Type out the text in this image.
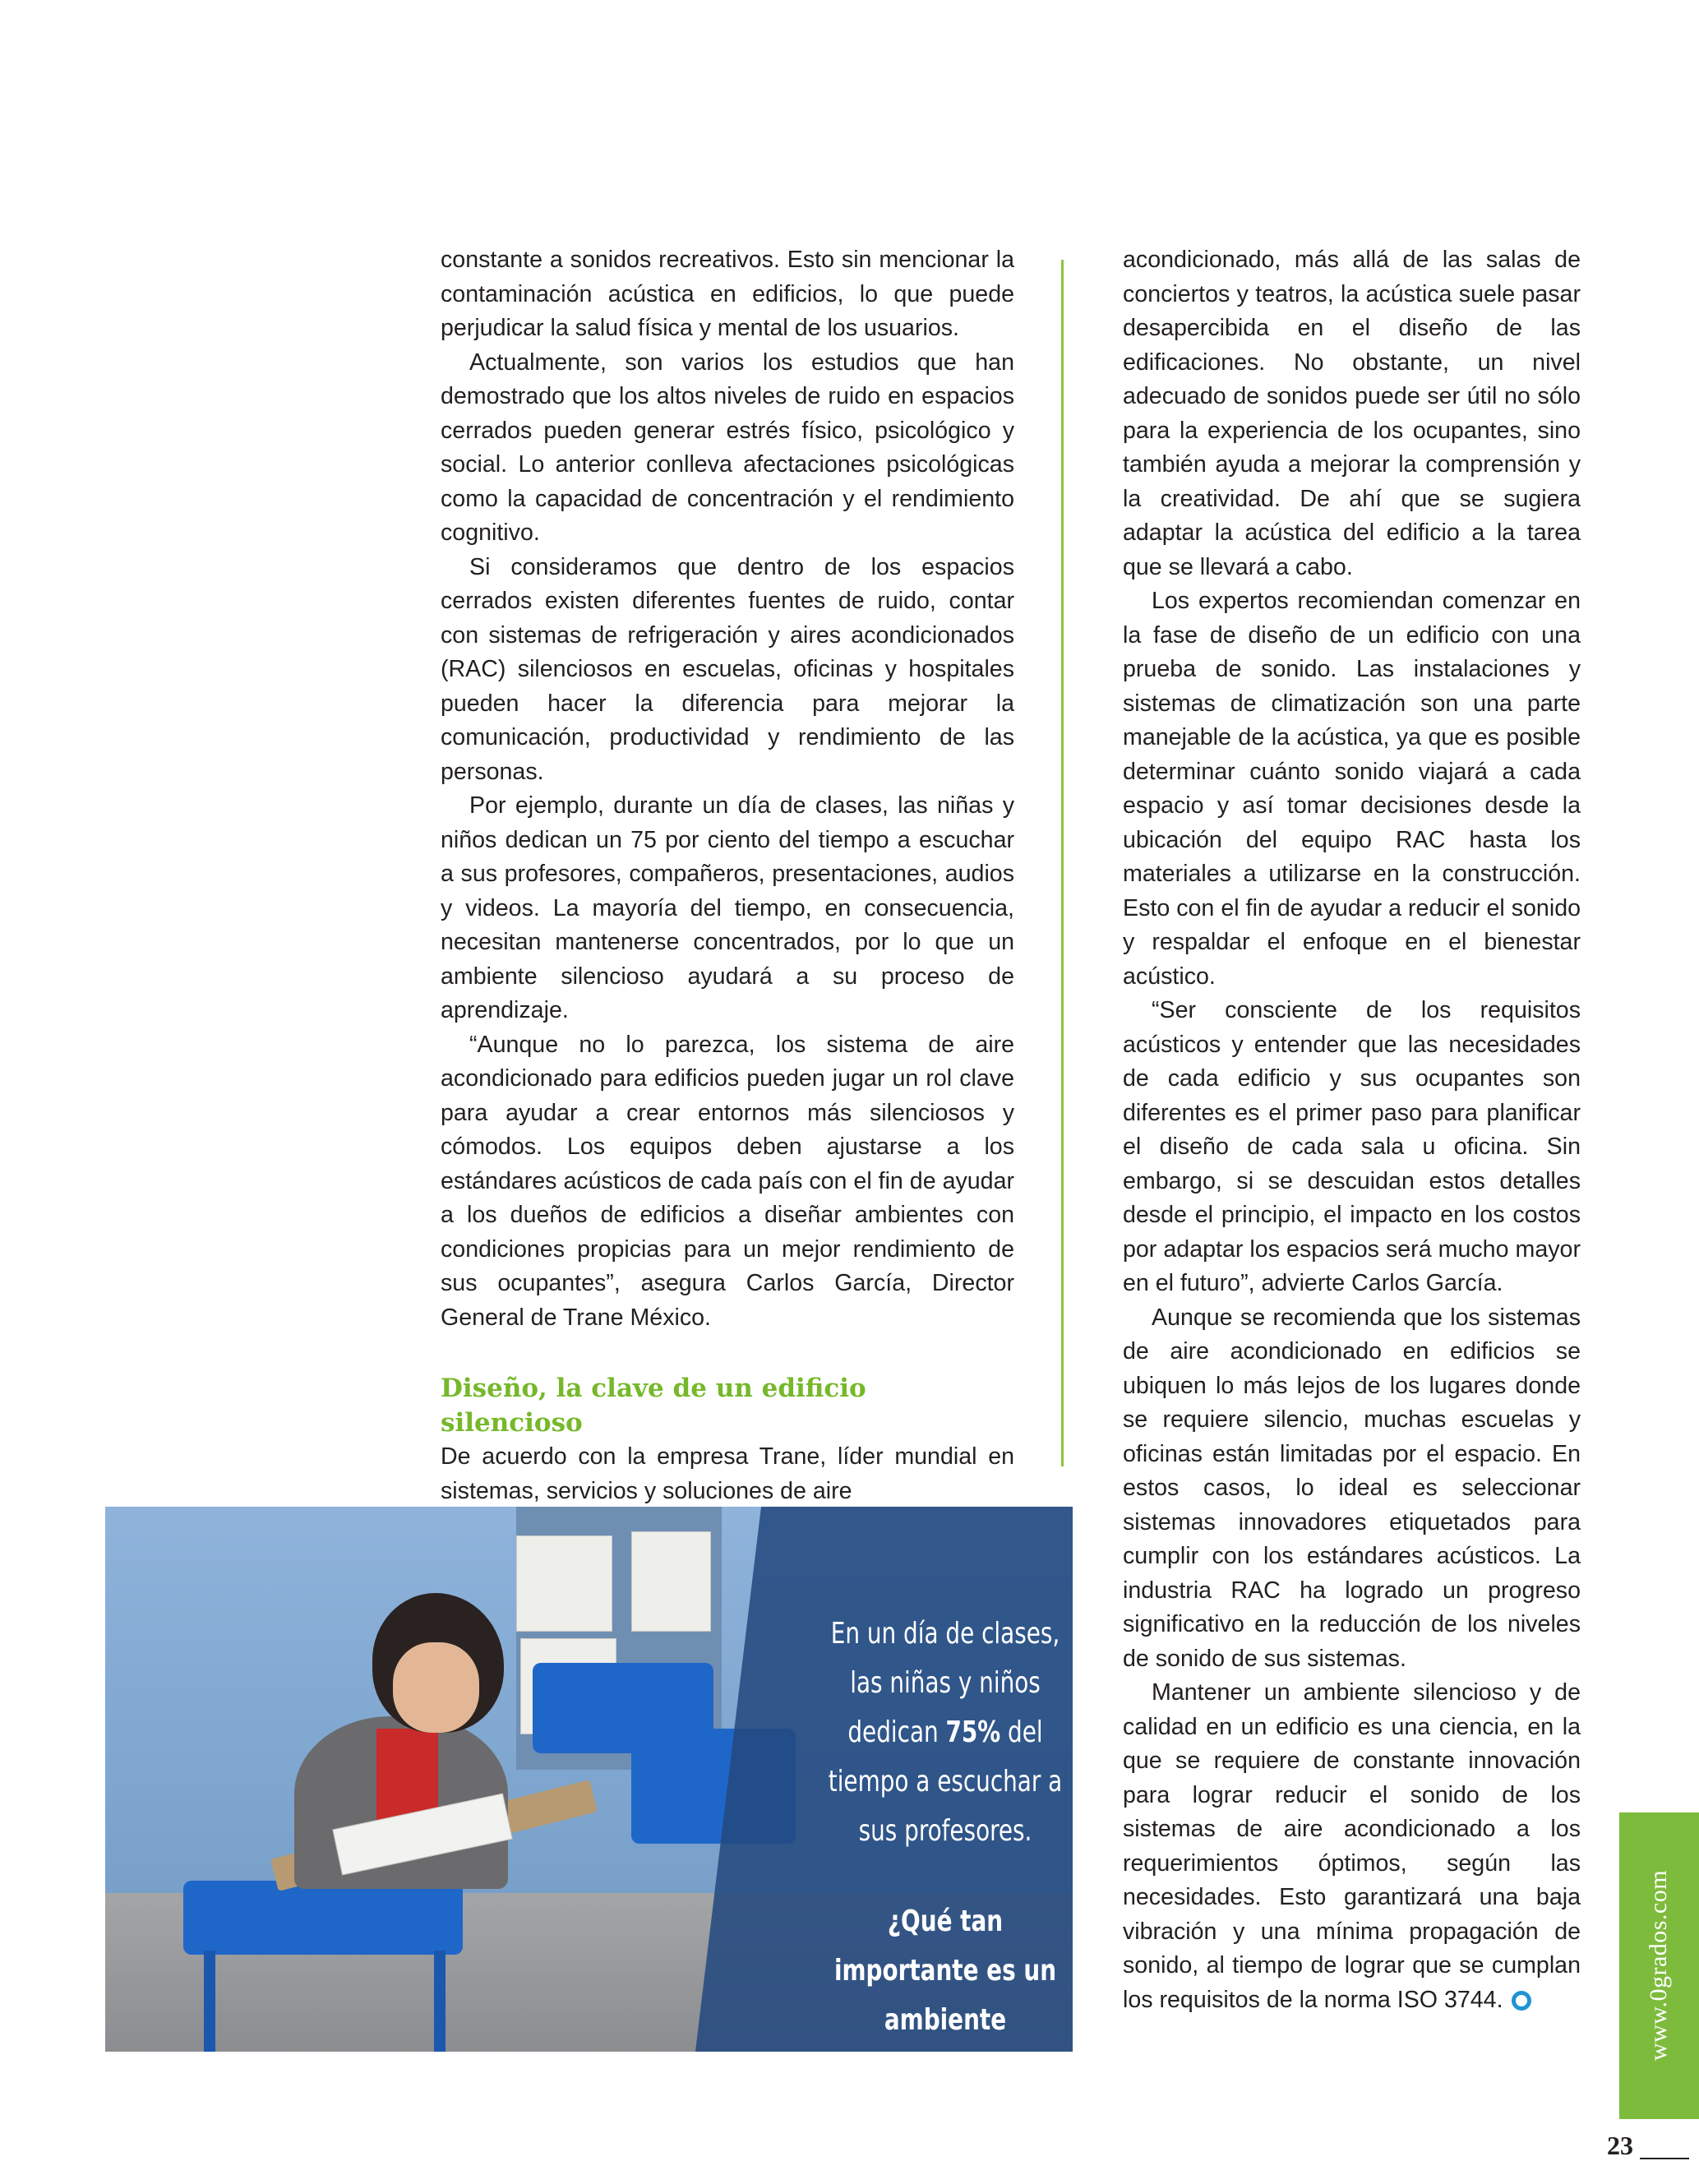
constante a sonidos recreativos. Esto sin mencionar la contaminación acústica en edificios, lo que puede perjudicar la salud física y mental de los usuarios.

Actualmente, son varios los estudios que han demostrado que los altos niveles de ruido en espacios cerrados pueden generar estrés físico, psicológico y social. Lo anterior conlleva afectaciones psicológicas como la capacidad de concentración y el rendimiento cognitivo.

Si consideramos que dentro de los espacios cerrados existen diferentes fuentes de ruido, contar con sistemas de refrigeración y aires acondicionados (RAC) silenciosos en escuelas, oficinas y hospitales pueden hacer la diferencia para mejorar la comunicación, productividad y rendimiento de las personas.

Por ejemplo, durante un día de clases, las niñas y niños dedican un 75 por ciento del tiempo a escuchar a sus profesores, compañeros, presentaciones, audios y videos. La mayoría del tiempo, en consecuencia, necesitan mantenerse concentrados, por lo que un ambiente silencioso ayudará a su proceso de aprendizaje.

“Aunque no lo parezca, los sistema de aire acondicionado para edificios pueden jugar un rol clave para ayudar a crear entornos más silenciosos y cómodos. Los equipos deben ajustarse a los estándares acústicos de cada país con el fin de ayudar a los dueños de edificios a diseñar ambientes con condiciones propicias para un mejor rendimiento de sus ocupantes”, asegura Carlos García, Director General de Trane México.

Diseño, la clave de un edificio silencioso

De acuerdo con la empresa Trane, líder mundial en sistemas, servicios y soluciones de aire

acondicionado, más allá de las salas de conciertos y teatros, la acústica suele pasar desapercibida en el diseño de las edificaciones. No obstante, un nivel adecuado de sonidos puede ser útil no sólo para la experiencia de los ocupantes, sino también ayuda a mejorar la comprensión y la creatividad. De ahí que se sugiera adaptar la acústica del edificio a la tarea que se llevará a cabo.

Los expertos recomiendan comenzar en la fase de diseño de un edificio con una prueba de sonido. Las instalaciones y sistemas de climatización son una parte manejable de la acústica, ya que es posible determinar cuánto sonido viajará a cada espacio y así tomar decisiones desde la ubicación del equipo RAC hasta los materiales a utilizarse en la construcción. Esto con el fin de ayudar a reducir el sonido y respaldar el enfoque en el bienestar acústico.

“Ser consciente de los requisitos acústicos y entender que las necesidades de cada edificio y sus ocupantes son diferentes es el primer paso para planificar el diseño de cada sala u oficina. Sin embargo, si se descuidan estos detalles desde el principio, el impacto en los costos por adaptar los espacios será mucho mayor en el futuro”, advierte Carlos García.

Aunque se recomienda que los sistemas de aire acondicionado en edificios se ubiquen lo más lejos de los lugares donde se requiere silencio, muchas escuelas y oficinas están limitadas por el espacio. En estos casos, lo ideal es seleccionar sistemas innovadores etiquetados para cumplir con los estándares acústicos. La industria RAC ha logrado un progreso significativo en la reducción de los niveles de sonido de sus sistemas.

Mantener un ambiente silencioso y de calidad en un edificio es una ciencia, en la que se requiere de constante innovación para lograr reducir el sonido de los sistemas de aire acondicionado a los requerimientos óptimos, según las necesidades. Esto garantizará una baja vibración y una mínima propagación de sonido, al tiempo de lograr que se cumplan los requisitos de la norma ISO 3744.

En un día de clases, las niñas y niños dedican 75% del tiempo a escuchar a sus profesores.
¿Qué tan importante es un ambiente silencioso?
www.0grados.com
23
